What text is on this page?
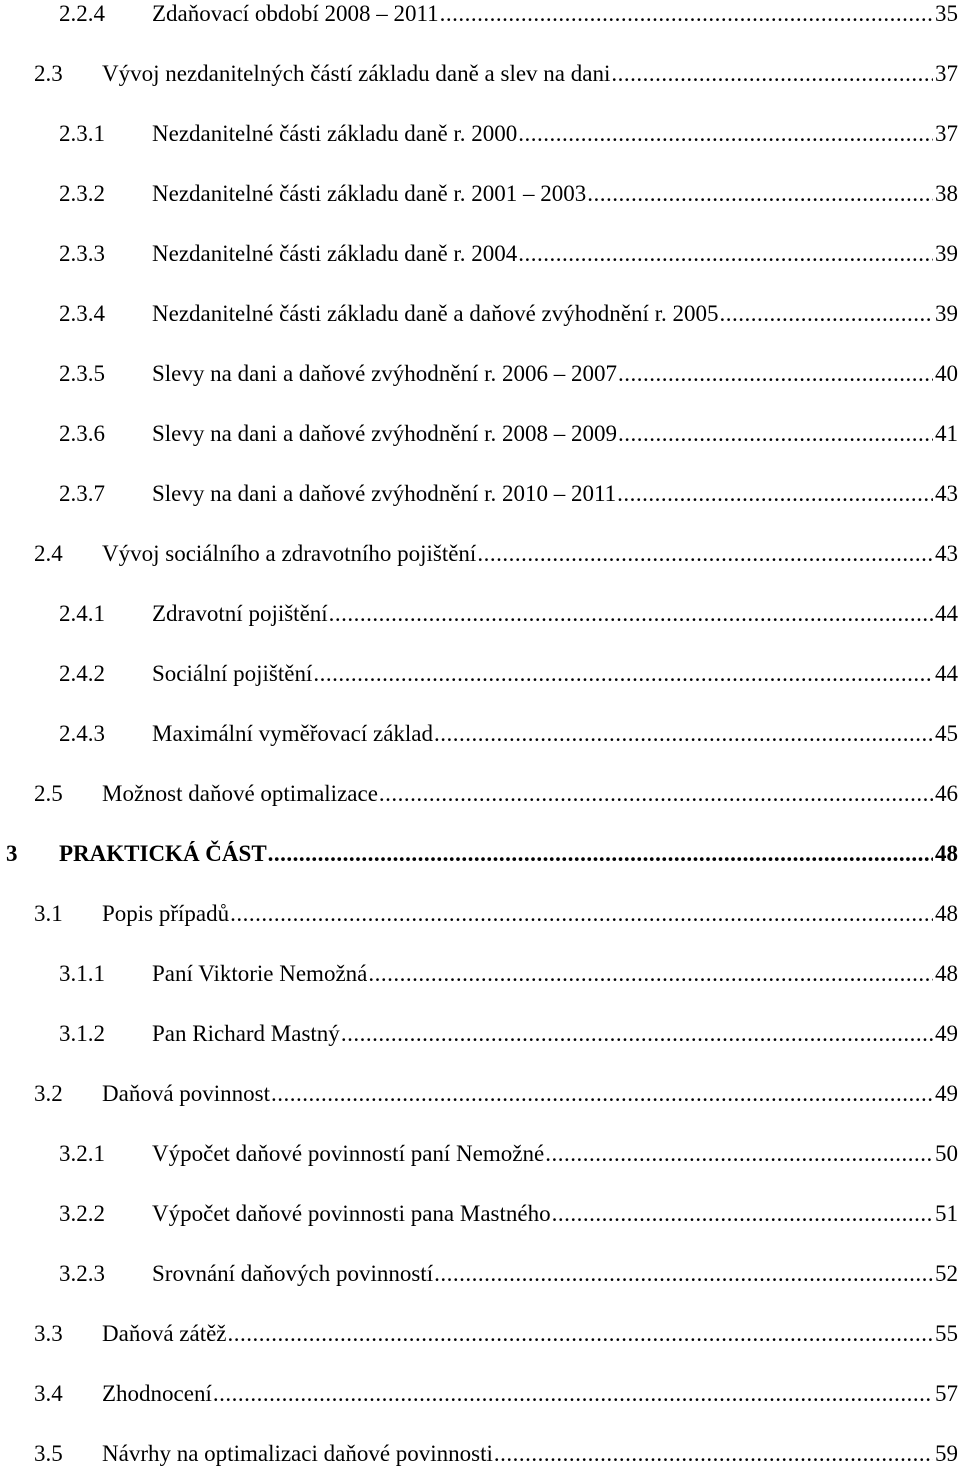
2.2.4	Zdaňovací období 2008 – 2011 .....	35
2.3	Vývoj nezdanitelných částí základu daně a slev na dani .....	37
2.3.1	Nezdanitelné části základu daně r. 2000 .....	37
2.3.2	Nezdanitelné části základu daně r. 2001 – 2003 .....	38
2.3.3	Nezdanitelné části základu daně r. 2004 .....	39
2.3.4	Nezdanitelné části základu daně a daňové zvýhodnění r. 2005 .....	39
2.3.5	Slevy na dani a daňové zvýhodnění r. 2006 – 2007 .....	40
2.3.6	Slevy na dani a daňové zvýhodnění r. 2008 – 2009 .....	41
2.3.7	Slevy na dani a daňové zvýhodnění r. 2010 – 2011 .....	43
2.4	Vývoj sociálního a zdravotního pojištění .....	43
2.4.1	Zdravotní pojištění .....	44
2.4.2	Sociální pojištění .....	44
2.4.3	Maximální vyměřovací základ .....	45
2.5	Možnost daňové optimalizace .....	46
3	PRAKTICKÁ ČÁST .....	48
3.1	Popis případů .....	48
3.1.1	Paní Viktorie Nemožná .....	48
3.1.2	Pan Richard Mastný .....	49
3.2	Daňová povinnost .....	49
3.2.1	Výpočet daňové povinností paní Nemožné .....	50
3.2.2	Výpočet daňové povinnosti pana Mastného .....	51
3.2.3	Srovnání daňových povinností .....	52
3.3	Daňová zátěž .....	55
3.4	Zhodnocení .....	57
3.5	Návrhy na optimalizaci daňové povinnosti .....	59
